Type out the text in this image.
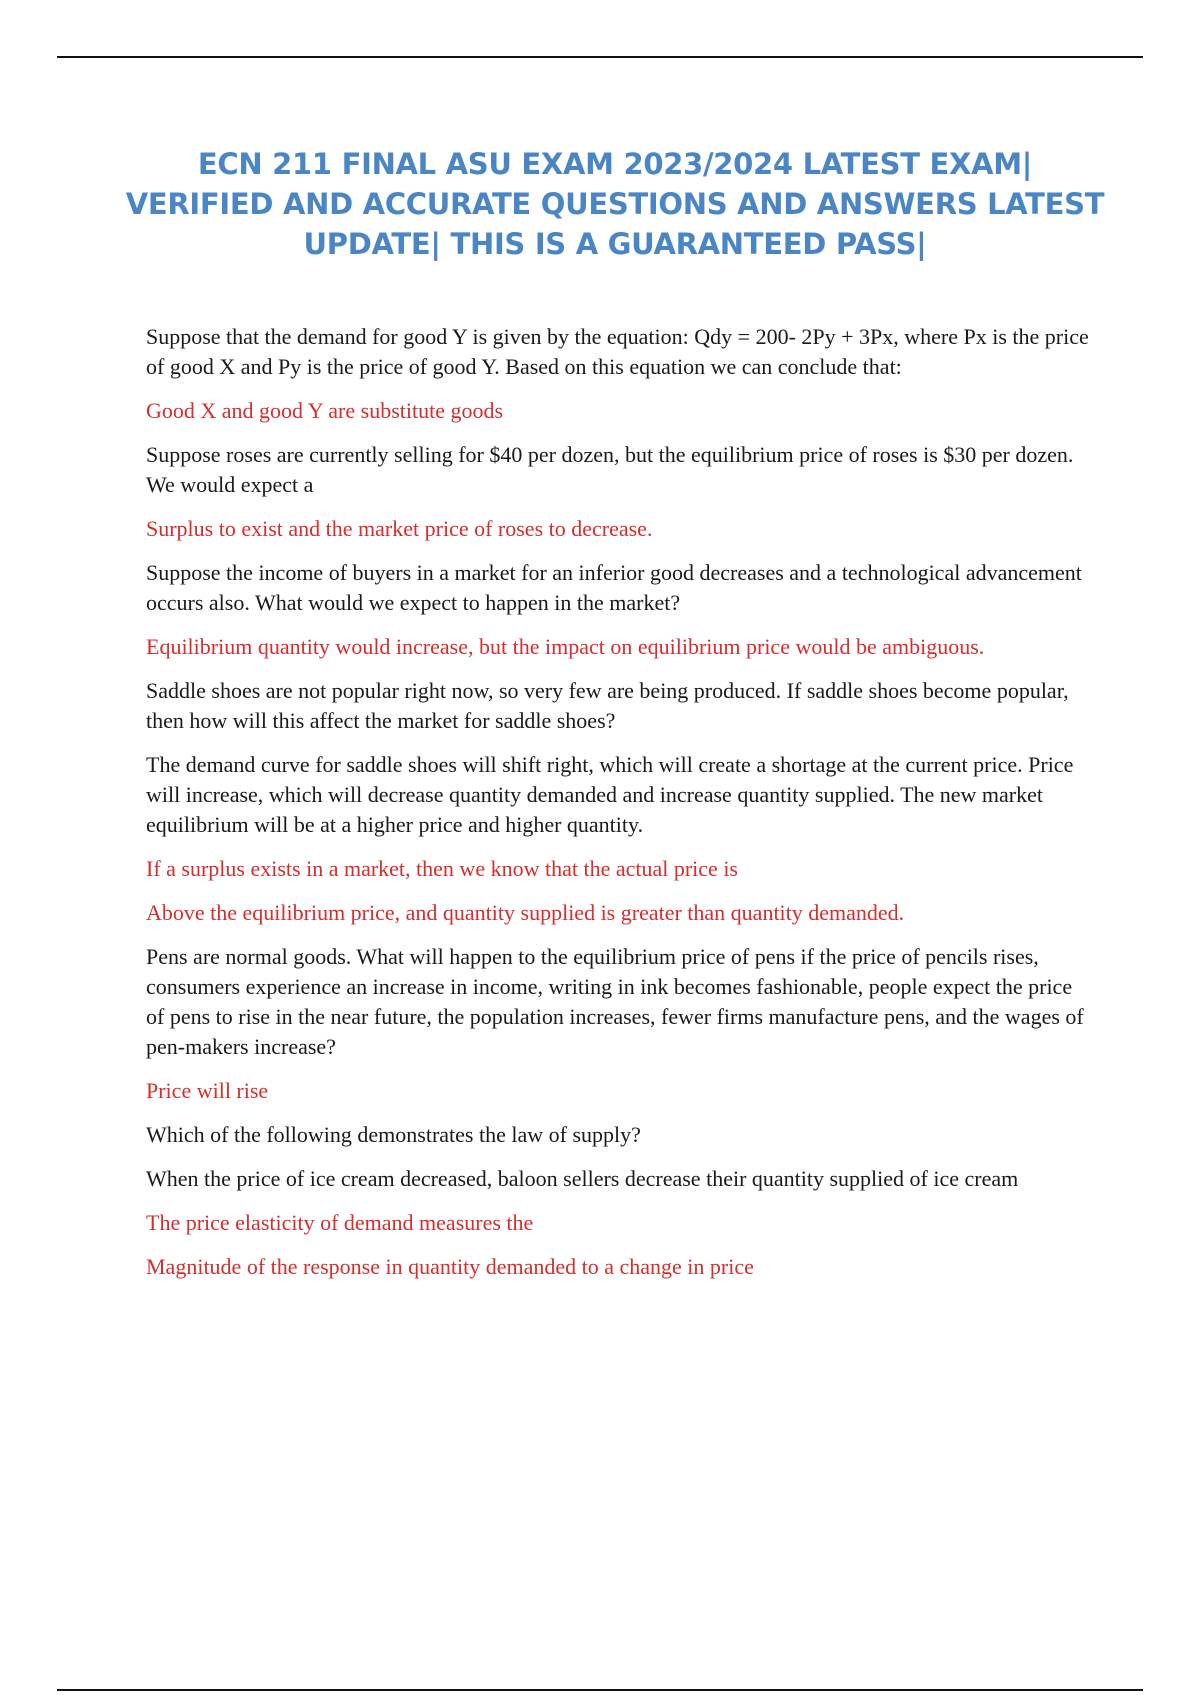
ECN 211 FINAL ASU EXAM 2023/2024 LATEST EXAM| VERIFIED AND ACCURATE QUESTIONS AND ANSWERS LATEST UPDATE| THIS IS A GUARANTEED PASS|

Suppose that the demand for good Y is given by the equation: Qdy = 200- 2Py + 3Px, where Px is the price of good X and Py is the price of good Y. Based on this equation we can conclude that:

Good X and good Y are substitute goods

Suppose roses are currently selling for $40 per dozen, but the equilibrium price of roses is $30 per dozen. We would expect a

Surplus to exist and the market price of roses to decrease.

Suppose the income of buyers in a market for an inferior good decreases and a technological advancement occurs also. What would we expect to happen in the market?

Equilibrium quantity would increase, but the impact on equilibrium price would be ambiguous.

Saddle shoes are not popular right now, so very few are being produced. If saddle shoes become popular, then how will this affect the market for saddle shoes?

The demand curve for saddle shoes will shift right, which will create a shortage at the current price. Price will increase, which will decrease quantity demanded and increase quantity supplied. The new market equilibrium will be at a higher price and higher quantity.

If a surplus exists in a market, then we know that the actual price is

Above the equilibrium price, and quantity supplied is greater than quantity demanded.

Pens are normal goods. What will happen to the equilibrium price of pens if the price of pencils rises, consumers experience an increase in income, writing in ink becomes fashionable, people expect the price of pens to rise in the near future, the population increases, fewer firms manufacture pens, and the wages of pen-makers increase?

Price will rise

Which of the following demonstrates the law of supply?

When the price of ice cream decreased, baloon sellers decrease their quantity supplied of ice cream

The price elasticity of demand measures the

Magnitude of the response in quantity demanded to a change in price
